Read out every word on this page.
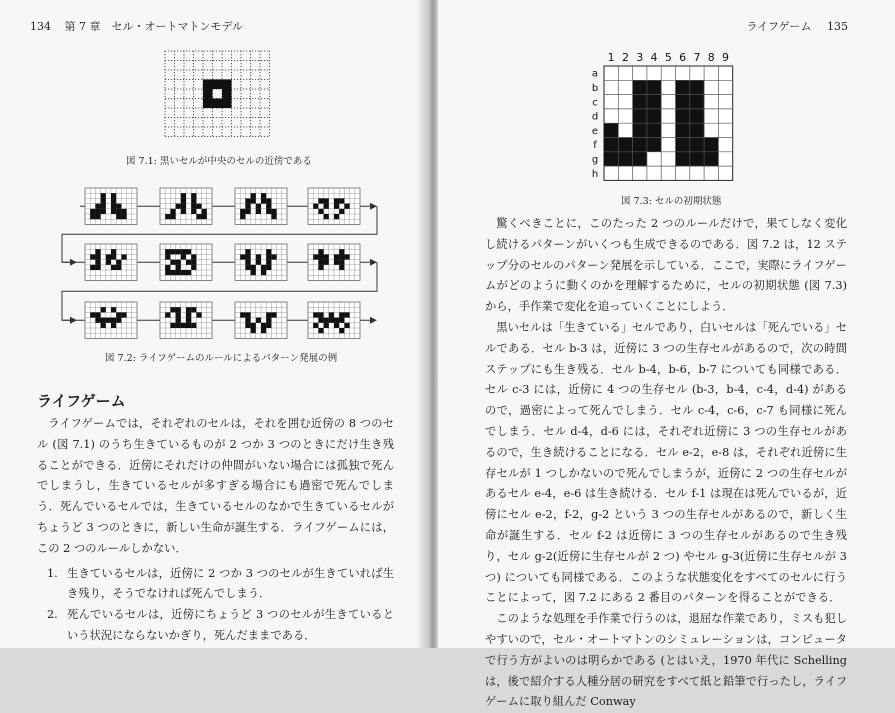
134 第 7 章　セル・オートマトンモデル
図 7.1: 黒いセルが中央のセルの近傍である
図 7.2: ライフゲームのルールによるパターン発展の例
ライフゲーム

ライフゲームでは，それぞれのセルは，それを囲む近傍の 8 つのセル (図 7.1) のうち生きているものが 2 つか 3 つのときにだけ生き残ることができる．近傍にそれだけの仲間がいない場合には孤独で死んでしまうし，生きているセルが多すぎる場合にも過密で死んでしまう．死んでいるセルでは，生きているセルのなかで生きているセルがちょうど 3 つのときに，新しい生命が誕生する．ライフゲームには，この 2 つのルールしかない．

1. 生きているセルは，近傍に 2 つか 3 つのセルが生きていれば生き残り，そうでなければ死んでしまう．
2. 死んでいるセルは，近傍にちょうど 3 つのセルが生きているという状況にならないかぎり，死んだままである．
ライフゲーム 135
1 2 3 4 5 6 7 8 9
a
b
c
d
e
f
g
h
図 7.3: セルの初期状態

驚くべきことに，このたった 2 つのルールだけで，果てしなく変化し続けるパターンがいくつも生成できるのである．図 7.2 は，12 ステップ分のセルのパターン発展を示している．ここで，実際にライフゲームがどのように動くのかを理解するために，セルの初期状態 (図 7.3) から，手作業で変化を追っていくことにしよう．

黒いセルは「生きている」セルであり，白いセルは「死んでいる」セルである．セル b-3 は，近傍に 3 つの生存セルがあるので，次の時間ステップにも生き残る．セル b-4，b-6，b-7 についても同様である．セル c-3 には，近傍に 4 つの生存セル (b-3，b-4，c-4，d-4) があるので，過密によって死んでしまう．セル c-4，c-6，c-7 も同様に死んでしまう．セル d-4，d-6 には，それぞれ近傍に 3 つの生存セルがあるので，生き続けることになる．セル e-2，e-8 は，それぞれ近傍に生存セルが 1 つしかないので死んでしまうが，近傍に 2 つの生存セルがあるセル e-4，e-6 は生き続ける．セル f-1 は現在は死んでいるが，近傍にセル e-2，f-2，g-2 という 3 つの生存セルがあるので，新しく生命が誕生する．セル f-2 は近傍に 3 つの生存セルがあるので生き残り，セル g-2(近傍に生存セルが 2 つ) やセル g-3(近傍に生存セルが 3 つ) についても同様である．このような状態変化をすべてのセルに行うことによって，図 7.2 にある 2 番目のパターンを得ることができる．

このような処理を手作業で行うのは，退屈な作業であり，ミスも犯しやすいので，セル・オートマトンのシミュレーションは，コンピュータで行う方がよいのは明らかである (とはいえ，1970 年代に Schelling は，後で紹介する人種分居の研究をすべて紙と鉛筆で行ったし，ライフゲームに取り組んだ Conway
